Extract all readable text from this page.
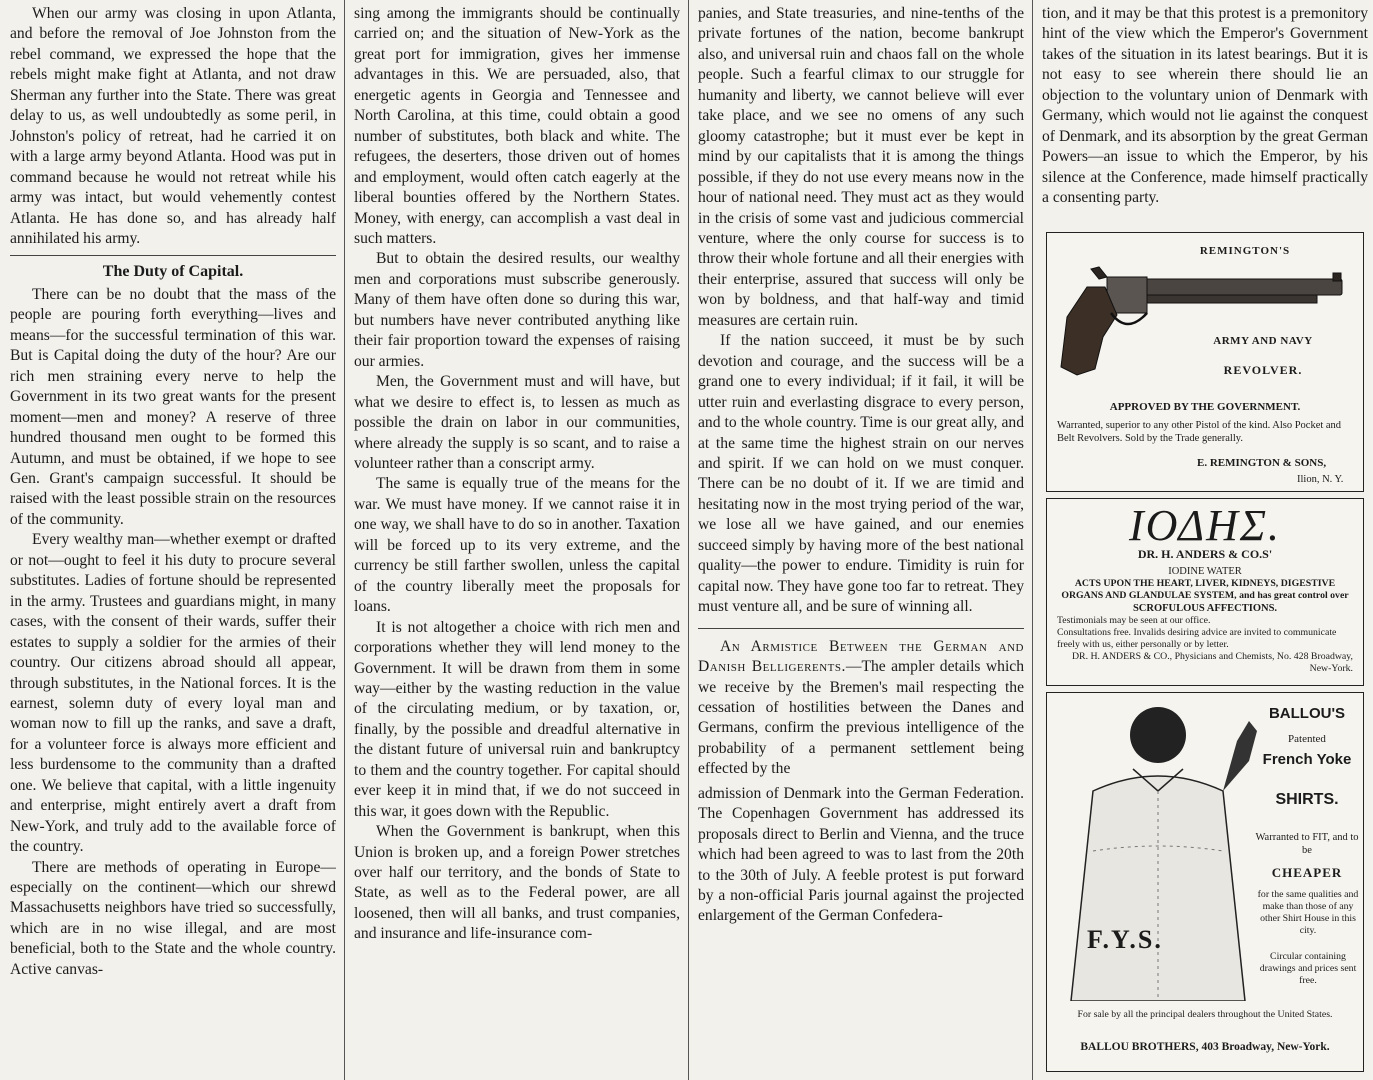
When our army was closing in upon Atlanta, and before the removal of Joe Johnston from the rebel command, we expressed the hope that the rebels might make fight at Atlanta, and not draw Sherman any further into the State. There was great delay to us, as well undoubtedly as some peril, in Johnston's policy of retreat, had he carried it on with a large army beyond Atlanta. Hood was put in command because he would not retreat while his army was intact, but would vehemently contest Atlanta. He has done so, and has already half annihilated his army.

The Duty of Capital.

There can be no doubt that the mass of the people are pouring forth everything—lives and means—for the successful termination of this war. But is Capital doing the duty of the hour? Are our rich men straining every nerve to help the Government in its two great wants for the present moment—men and money? A reserve of three hundred thousand men ought to be formed this Autumn, and must be obtained, if we hope to see Gen. Grant's campaign successful. It should be raised with the least possible strain on the resources of the community.

Every wealthy man—whether exempt or drafted or not—ought to feel it his duty to procure several substitutes. Ladies of fortune should be represented in the army. Trustees and guardians might, in many cases, with the consent of their wards, suffer their estates to supply a soldier for the armies of their country. Our citizens abroad should all appear, through substitutes, in the National forces. It is the earnest, solemn duty of every loyal man and woman now to fill up the ranks, and save a draft, for a volunteer force is always more efficient and less burdensome to the community than a drafted one. We believe that capital, with a little ingenuity and enterprise, might entirely avert a draft from New-York, and truly add to the available force of the country.

There are methods of operating in Europe—especially on the continent—which our shrewd Massachusetts neighbors have tried so successfully, which are in no wise illegal, and are most beneficial, both to the State and the whole country. Active canvas-

sing among the immigrants should be continually carried on; and the situation of New-York as the great port for immigration, gives her immense advantages in this. We are persuaded, also, that energetic agents in Georgia and Tennessee and North Carolina, at this time, could obtain a good number of substitutes, both black and white. The refugees, the deserters, those driven out of homes and employment, would often catch eagerly at the liberal bounties offered by the Northern States. Money, with energy, can accomplish a vast deal in such matters.

But to obtain the desired results, our wealthy men and corporations must subscribe generously. Many of them have often done so during this war, but numbers have never contributed anything like their fair proportion toward the expenses of raising our armies.

Men, the Government must and will have, but what we desire to effect is, to lessen as much as possible the drain on labor in our communities, where already the supply is so scant, and to raise a volunteer rather than a conscript army.

The same is equally true of the means for the war. We must have money. If we cannot raise it in one way, we shall have to do so in another. Taxation will be forced up to its very extreme, and the currency be still farther swollen, unless the capital of the country liberally meet the proposals for loans.

It is not altogether a choice with rich men and corporations whether they will lend money to the Government. It will be drawn from them in some way—either by the wasting reduction in the value of the circulating medium, or by taxation, or, finally, by the possible and dreadful alternative in the distant future of universal ruin and bankruptcy to them and the country together. For capital should ever keep it in mind that, if we do not succeed in this war, it goes down with the Republic.

When the Government is bankrupt, when this Union is broken up, and a foreign Power stretches over half our territory, and the bonds of State to State, as well as to the Federal power, are all loosened, then will all banks, and trust companies, and insurance and life-insurance com-

panies, and State treasuries, and nine-tenths of the private fortunes of the nation, become bankrupt also, and universal ruin and chaos fall on the whole people. Such a fearful climax to our struggle for humanity and liberty, we cannot believe will ever take place, and we see no omens of any such gloomy catastrophe; but it must ever be kept in mind by our capitalists that it is among the things possible, if they do not use every means now in the hour of national need. They must act as they would in the crisis of some vast and judicious commercial venture, where the only course for success is to throw their whole fortune and all their energies with their enterprise, assured that success will only be won by boldness, and that half-way and timid measures are certain ruin.

If the nation succeed, it must be by such devotion and courage, and the success will be a grand one to every individual; if it fail, it will be utter ruin and everlasting disgrace to every person, and to the whole country. Time is our great ally, and at the same time the highest strain on our nerves and spirit. If we can hold on we must conquer. There can be no doubt of it. If we are timid and hesitating now in the most trying period of the war, we lose all we have gained, and our enemies succeed simply by having more of the best national quality—the power to endure. Timidity is ruin for capital now. They have gone too far to retreat. They must venture all, and be sure of winning all.

An Armistice Between the German and Danish Belligerents.—The ampler details which we receive by the Bremen's mail respecting the cessation of hostilities between the Danes and Germans, confirm the previous intelligence of the probability of a permanent settlement being effected by the

admission of Denmark into the German Federation. The Copenhagen Government has addressed its proposals direct to Berlin and Vienna, and the truce which had been agreed to was to last from the 20th to the 30th of July. A feeble protest is put forward by a non-official Paris journal against the projected enlargement of the German Confedera-

tion, and it may be that this protest is a premonitory hint of the view which the Emperor's Government takes of the situation in its latest bearings. But it is not easy to see wherein there should lie an objection to the voluntary union of Denmark with Germany, which would not lie against the conquest of Denmark, and its absorption by the great German Powers—an issue to which the Emperor, by his silence at the Conference, made himself practically a consenting party.

REMINGTON'S
ARMY AND NAVY
REVOLVER.
APPROVED BY THE GOVERNMENT.
Warranted, superior to any other Pistol of the kind. Also Pocket and Belt Revolvers. Sold by the Trade generally.
E. REMINGTON & SONS,
Ilion, N. Y.
ΙΟΔΗΣ.
DR. H. ANDERS & CO.S'
IODINE WATER
ACTS UPON THE HEART, LIVER, KIDNEYS, DIGESTIVE ORGANS AND GLANDULAE SYSTEM, and has great control over
SCROFULOUS AFFECTIONS.
Testimonials may be seen at our office.
Consultations free. Invalids desiring advice are invited to communicate freely with us, either personally or by letter.
DR. H. ANDERS & CO., Physicians and Chemists, No. 428 Broadway, New-York.
F.Y.S.
BALLOU'S
Patented
French Yoke
SHIRTS.
Warranted to FIT, and to be
CHEAPER
for the same qualities and make than those of any other Shirt House in this city.
Circular containing drawings and prices sent free.
For sale by all the principal dealers throughout the United States.
BALLOU BROTHERS, 403 Broadway, New-York.
